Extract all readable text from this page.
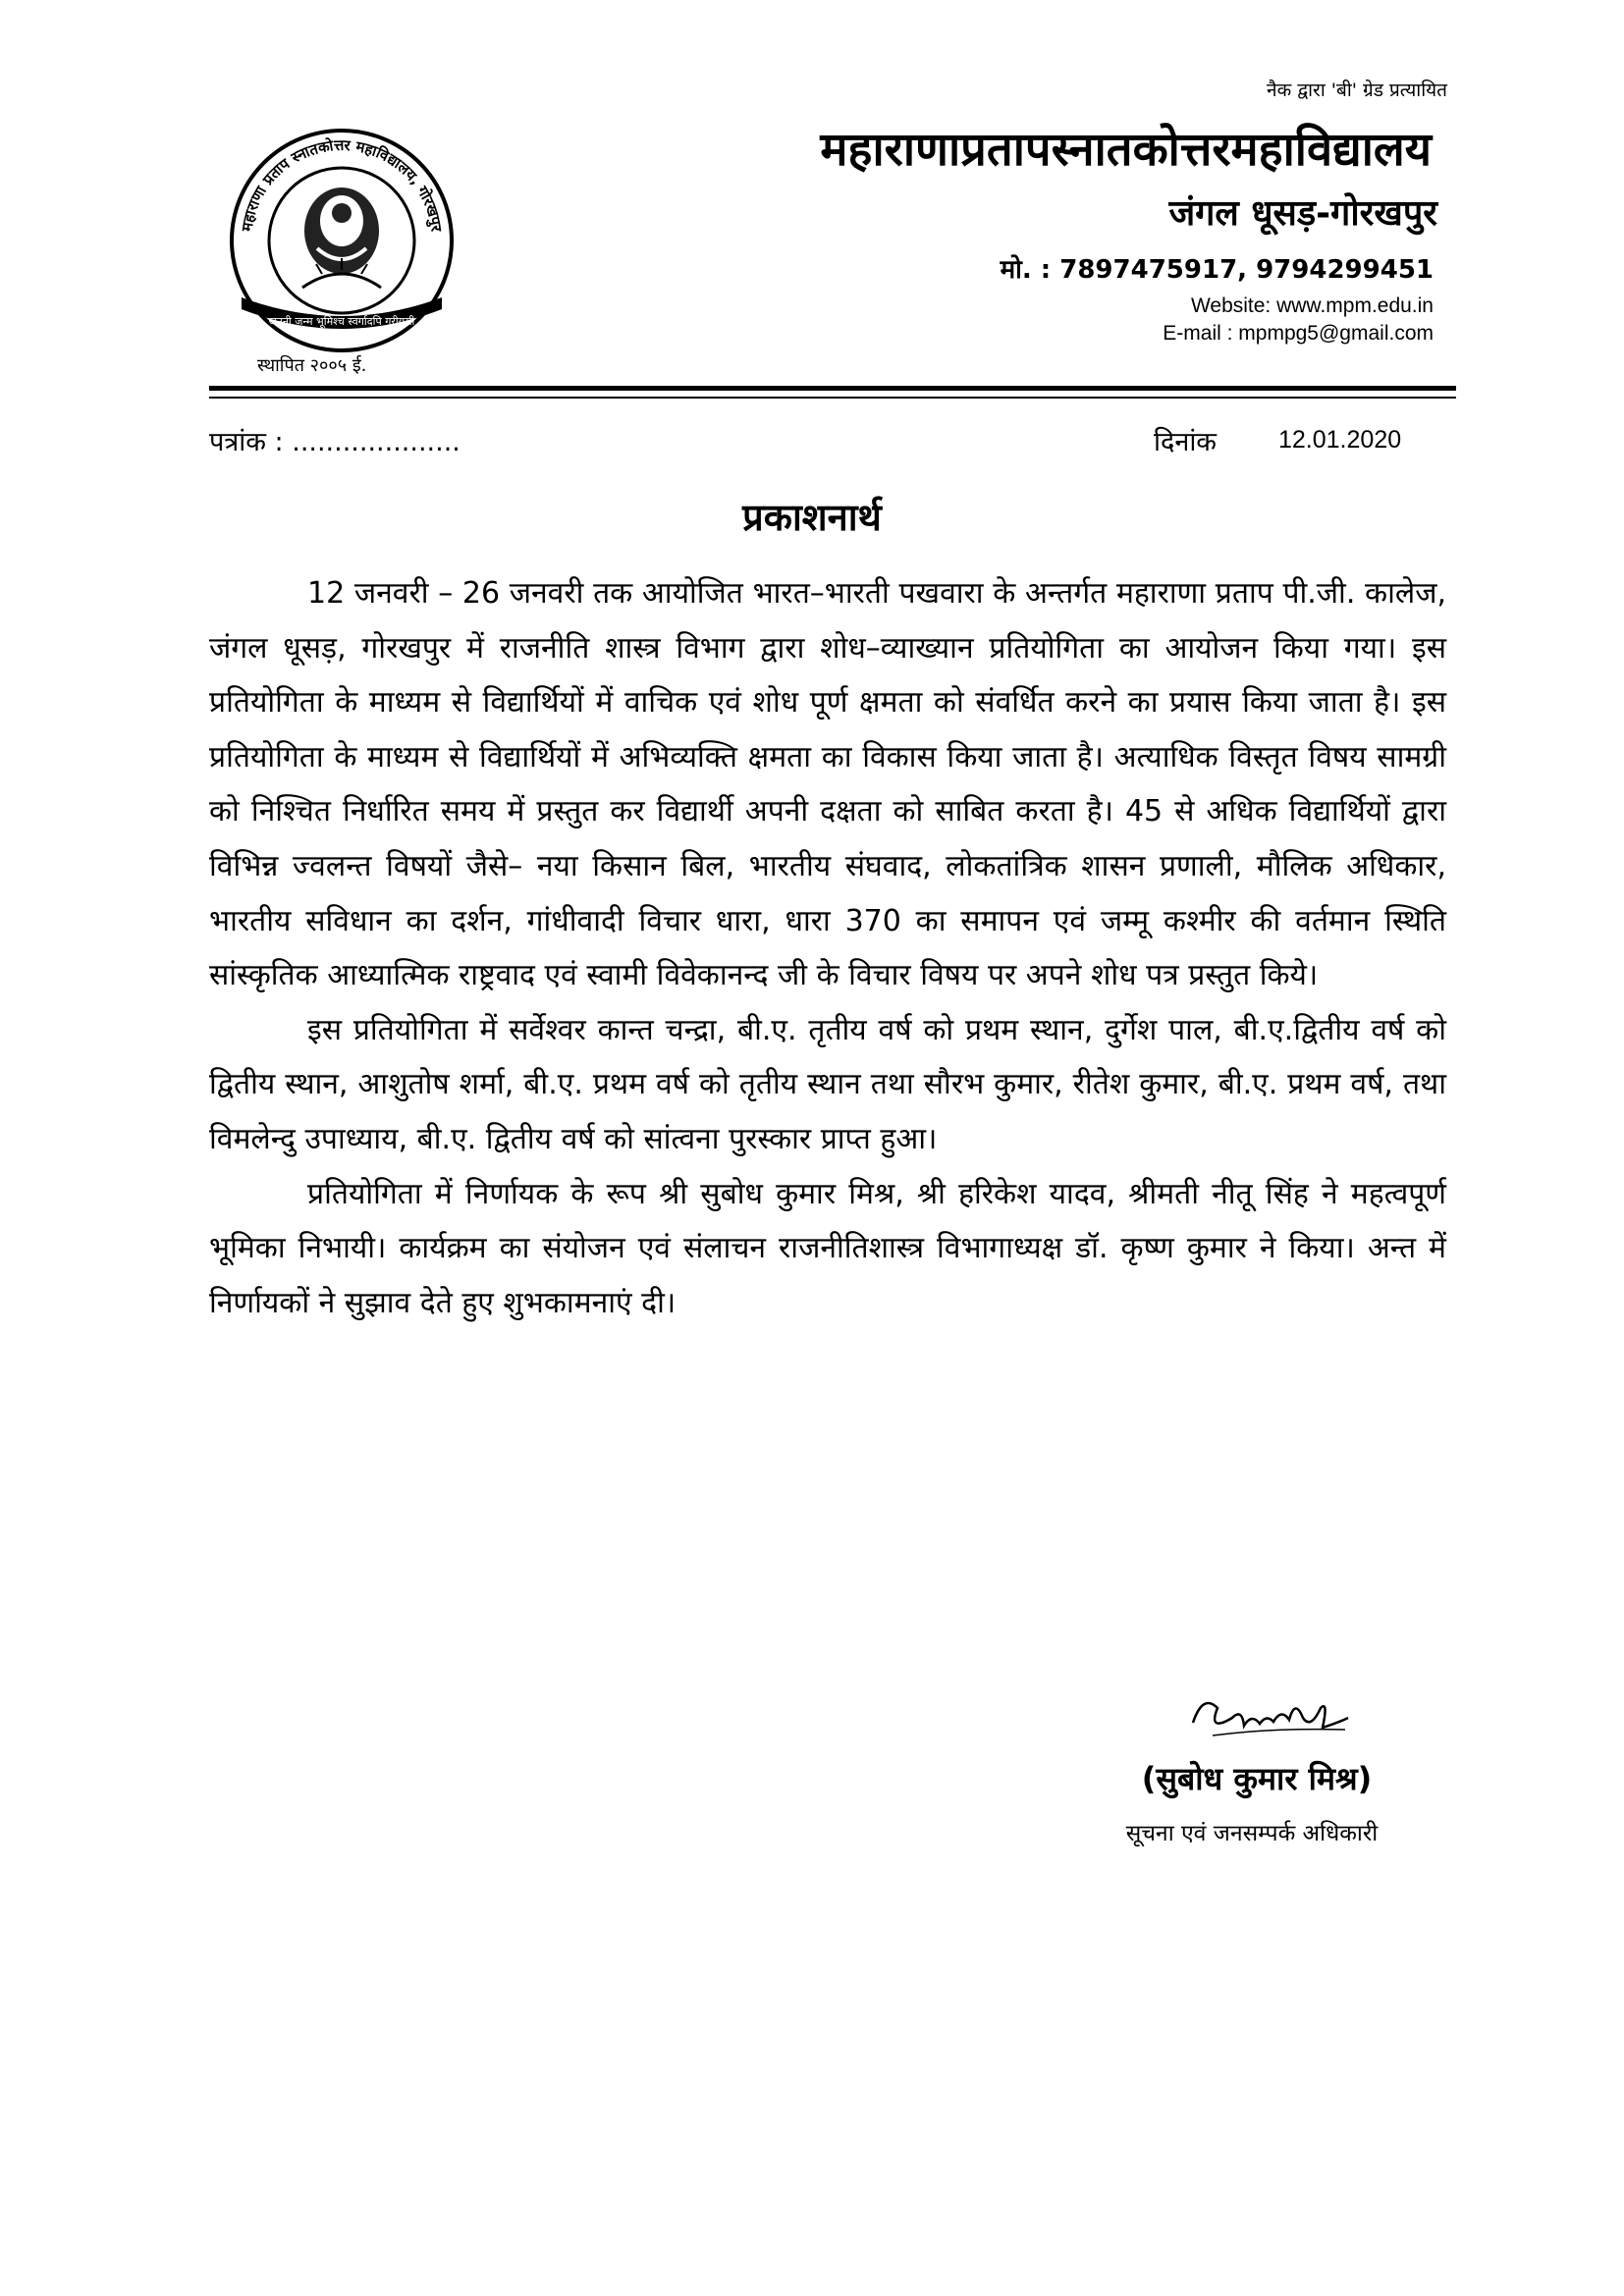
नैक द्वारा 'बी' ग्रेड प्रत्यायित
महाराणाप्रतापस्नातकोत्तरमहाविद्यालय
जंगल धूसड़-गोरखपुर
मो. : 7897475917, 9794299451
Website: www.mpm.edu.in
E-mail : mpmpg5@gmail.com
महाराणा प्रताप स्नातकोत्तर महाविद्यालय, गोरखपुर
जननी जन्म भूमिश्च स्वर्गादपि गरीयसी
स्थापित २००५ ई.
पत्रांक : ....................	दिनांक	12.01.2020
प्रकाशनार्थ

12 जनवरी – 26 जनवरी तक आयोजित भारत–भारती पखवारा के अन्तर्गत महाराणा प्रताप पी.जी. कालेज, जंगल धूसड़, गोरखपुर में राजनीति शास्त्र विभाग द्वारा शोध–व्याख्यान प्रतियोगिता का आयोजन किया गया। इस प्रतियोगिता के माध्यम से विद्यार्थियों में वाचिक एवं शोध पूर्ण क्षमता को संवर्धित करने का प्रयास किया जाता है। इस प्रतियोगिता के माध्यम से विद्यार्थियों में अभिव्यक्ति क्षमता का विकास किया जाता है। अत्याधिक विस्तृत विषय सामग्री को निश्चित निर्धारित समय में प्रस्तुत कर विद्यार्थी अपनी दक्षता को साबित करता है। 45 से अधिक विद्यार्थियों द्वारा विभिन्न ज्वलन्त विषयों जैसे– नया किसान बिल, भारतीय संघवाद, लोकतांत्रिक शासन प्रणाली, मौलिक अधिकार, भारतीय सविधान का दर्शन, गांधीवादी विचार धारा, धारा 370 का समापन एवं जम्मू कश्मीर की वर्तमान स्थिति सांस्कृतिक आध्यात्मिक राष्ट्रवाद एवं स्वामी विवेकानन्द जी के विचार विषय पर अपने शोध पत्र प्रस्तुत किये।

इस प्रतियोगिता में सर्वेश्वर कान्त चन्द्रा, बी.ए. तृतीय वर्ष को प्रथम स्थान, दुर्गेश पाल, बी.ए.द्वितीय वर्ष को द्वितीय स्थान, आशुतोष शर्मा, बी.ए. प्रथम वर्ष को तृतीय स्थान तथा सौरभ कुमार, रीतेश कुमार, बी.ए. प्रथम वर्ष, तथा विमलेन्दु उपाध्याय, बी.ए. द्वितीय वर्ष को सांत्वना पुरस्कार प्राप्त हुआ।

प्रतियोगिता में निर्णायक के रूप श्री सुबोध कुमार मिश्र, श्री हरिकेश यादव, श्रीमती नीतू सिंह ने महत्वपूर्ण भूमिका निभायी। कार्यक्रम का संयोजन एवं संलाचन राजनीतिशास्त्र विभागाध्यक्ष डॉ. कृष्ण कुमार ने किया। अन्त में निर्णायकों ने सुझाव देते हुए शुभकामनाएं दी।

(सुबोध कुमार मिश्र)
सूचना एवं जनसम्पर्क अधिकारी
